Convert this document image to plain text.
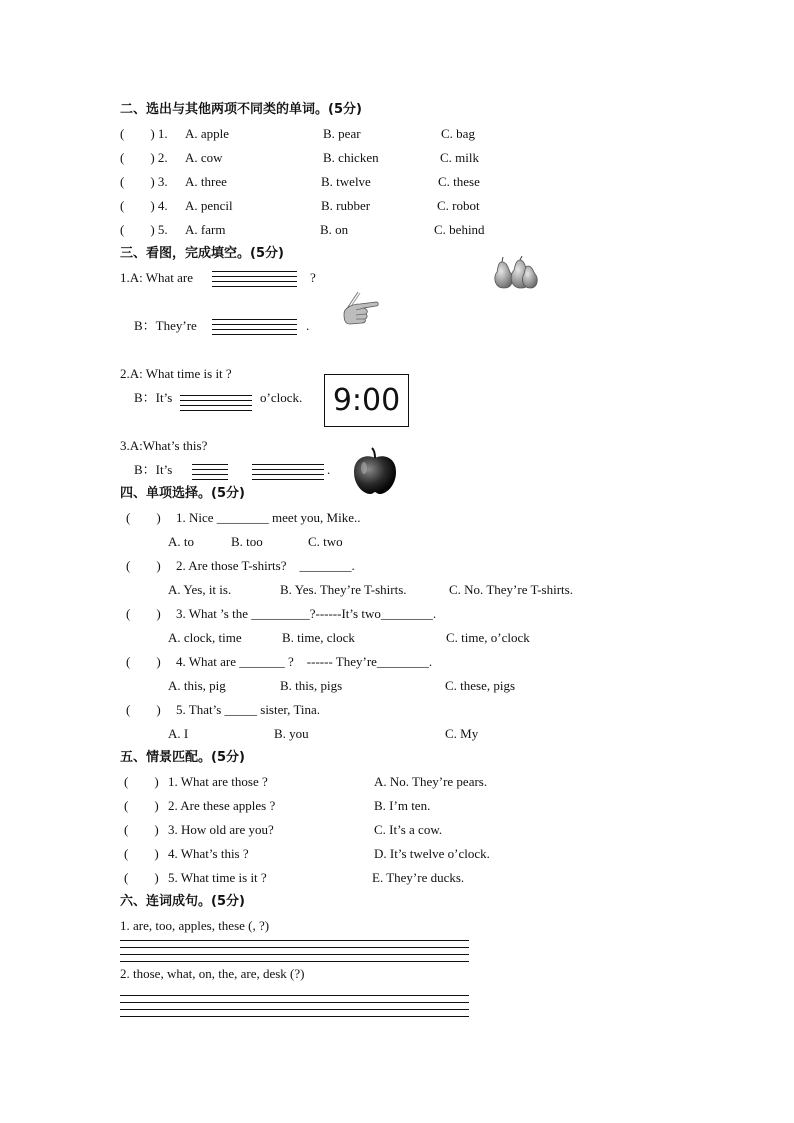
二、选出与其他两项不同类的单词。(5分)
(　　) 1. A. apple	B. pear	C. bag
(　　) 2. A. cow	B. chicken	C. milk
(　　) 3. A. three	B. twelve	C. these
(　　) 4. A. pencil	B. rubber	C. robot
(　　) 5. A. farm	B. on	C. behind
三、看图，完成填空。(5分)
1.A: What are	?
B：They’re	.
2.A: What time is it ?
B：It’s	o’clock. 9:00
3.A:What’s this?
B：It’s	.
四、单项选择。(5分)
(　　) 1. Nice ________ meet you, Mike..
A. to	B. too	C. two
(　　) 2. Are those T-shirts?　________.
A. Yes, it is.	B. Yes. They’re T-shirts.	C. No. They’re T-shirts.
(　　) 3. What ’s the _________?------It’s two________.
A. clock, time	B. time, clock	C. time, o’clock
(　　) 4. What are _______ ?　------ They’re________.
A. this, pig	B. this, pigs	C. these, pigs
(　　) 5. That’s _____ sister, Tina.
A. I	B. you	C. My
五、情景匹配。(5分)
(　　) 1. What are those ?	A. No. They’re pears.
(　　) 2. Are these apples ?	B. I’m ten.
(　　) 3. How old are you?	C. It’s a cow.
(　　) 4. What’s this ?	D. It’s twelve o’clock.
(　　) 5. What time is it ?	E. They’re ducks.
六、连词成句。(5分)
1. are, too, apples, these (, ?)
2. those, what, on, the, are, desk (?)
